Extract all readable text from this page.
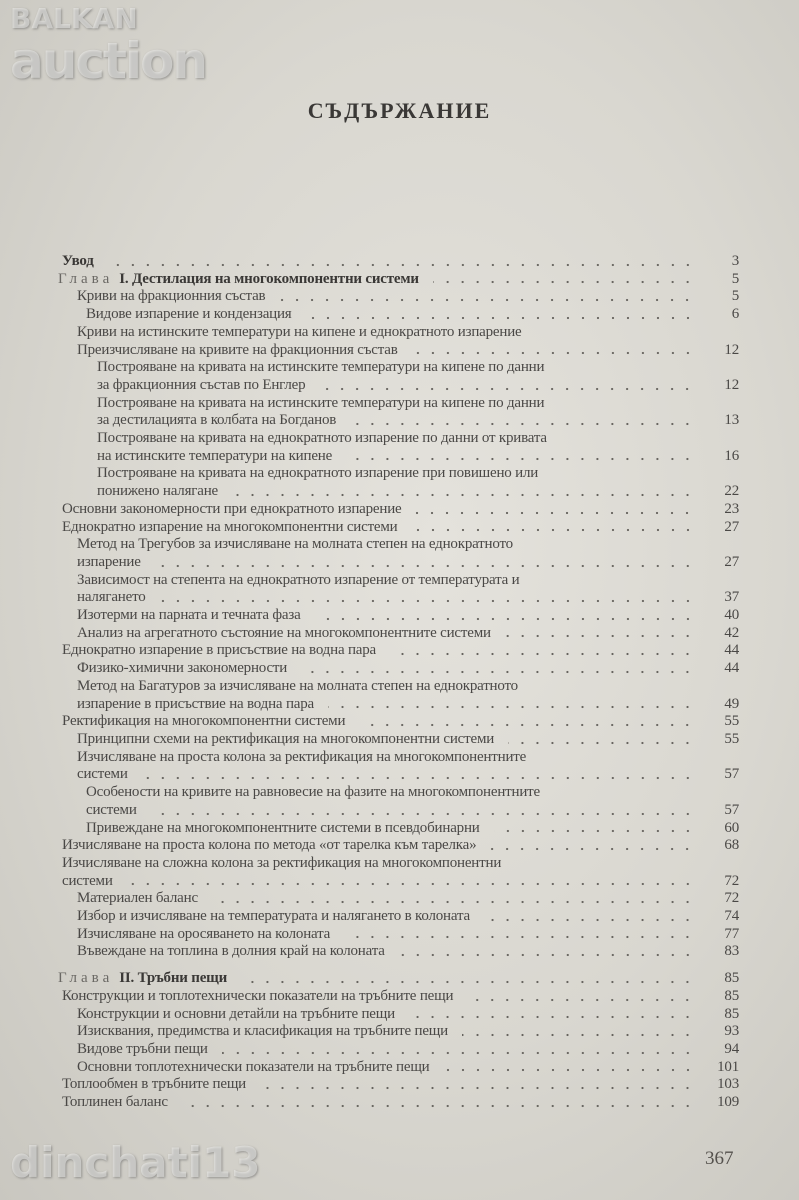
СЪДЪРЖАНИЕ
Увод	3
Глава I. Дестилация на многокомпонентни системи	5
Криви на фракционния състав	5
Видове изпарение и кондензация	6
Криви на истинските температури на кипене и еднократното изпарение
Преизчисляване на кривите на фракционния състав	12
Построяване на кривата на истинските температури на кипене по данни
за фракционния състав по Енглер	12
Построяване на кривата на истинските температури на кипене по данни
за дестилацията в колбата на Богданов	13
Построяване на кривата на еднократното изпарение по данни от кривата
на истинските температури на кипене	16
Построяване на кривата на еднократното изпарение при повишено или
понижено налягане	22
Основни закономерности при еднократното изпарение	23
Еднократно изпарение на многокомпонентни системи	27
Метод на Трегубов за изчисляване на молната степен на еднократното
изпарение	27
Зависимост на степента на еднократното изпарение от температурата и
налягането	37
Изотерми на парната и течната фаза	40
Анализ на агрегатното състояние на многокомпонентните системи	42
Еднократно изпарение в присъствие на водна пара	44
Физико-химични закономерности	44
Метод на Багатуров за изчисляване на молната степен на еднократното
изпарение в присъствие на водна пара	49
Ректификация на многокомпонентни системи	55
Принципни схеми на ректификация на многокомпонентни системи	55
Изчисляване на проста колона за ректификация на многокомпонентните
системи	57
Особености на кривите на равновесие на фазите на многокомпонентните
системи	57
Привеждане на многокомпонентните системи в псевдобинарни	60
Изчисляване на проста колона по метода «от тарелка към тарелка»	68
Изчисляване на сложна колона за ректификация на многокомпонентни
системи	72
Материален баланс	72
Избор и изчисляване на температурата и налягането в колоната	74
Изчисляване на оросяването на колоната	77
Въвеждане на топлина в долния край на колоната	83
Глава II. Тръбни пещи	85
Конструкции и топлотехнически показатели на тръбните пещи	85
Конструкции и основни детайли на тръбните пещи	85
Изисквания, предимства и класификация на тръбните пещи	93
Видове тръбни пещи	94
Основни топлотехнически показатели на тръбните пещи	101
Топлообмен в тръбните пещи	103
Топлинен баланс	109
367
BALKAN
auction
dinchati13
